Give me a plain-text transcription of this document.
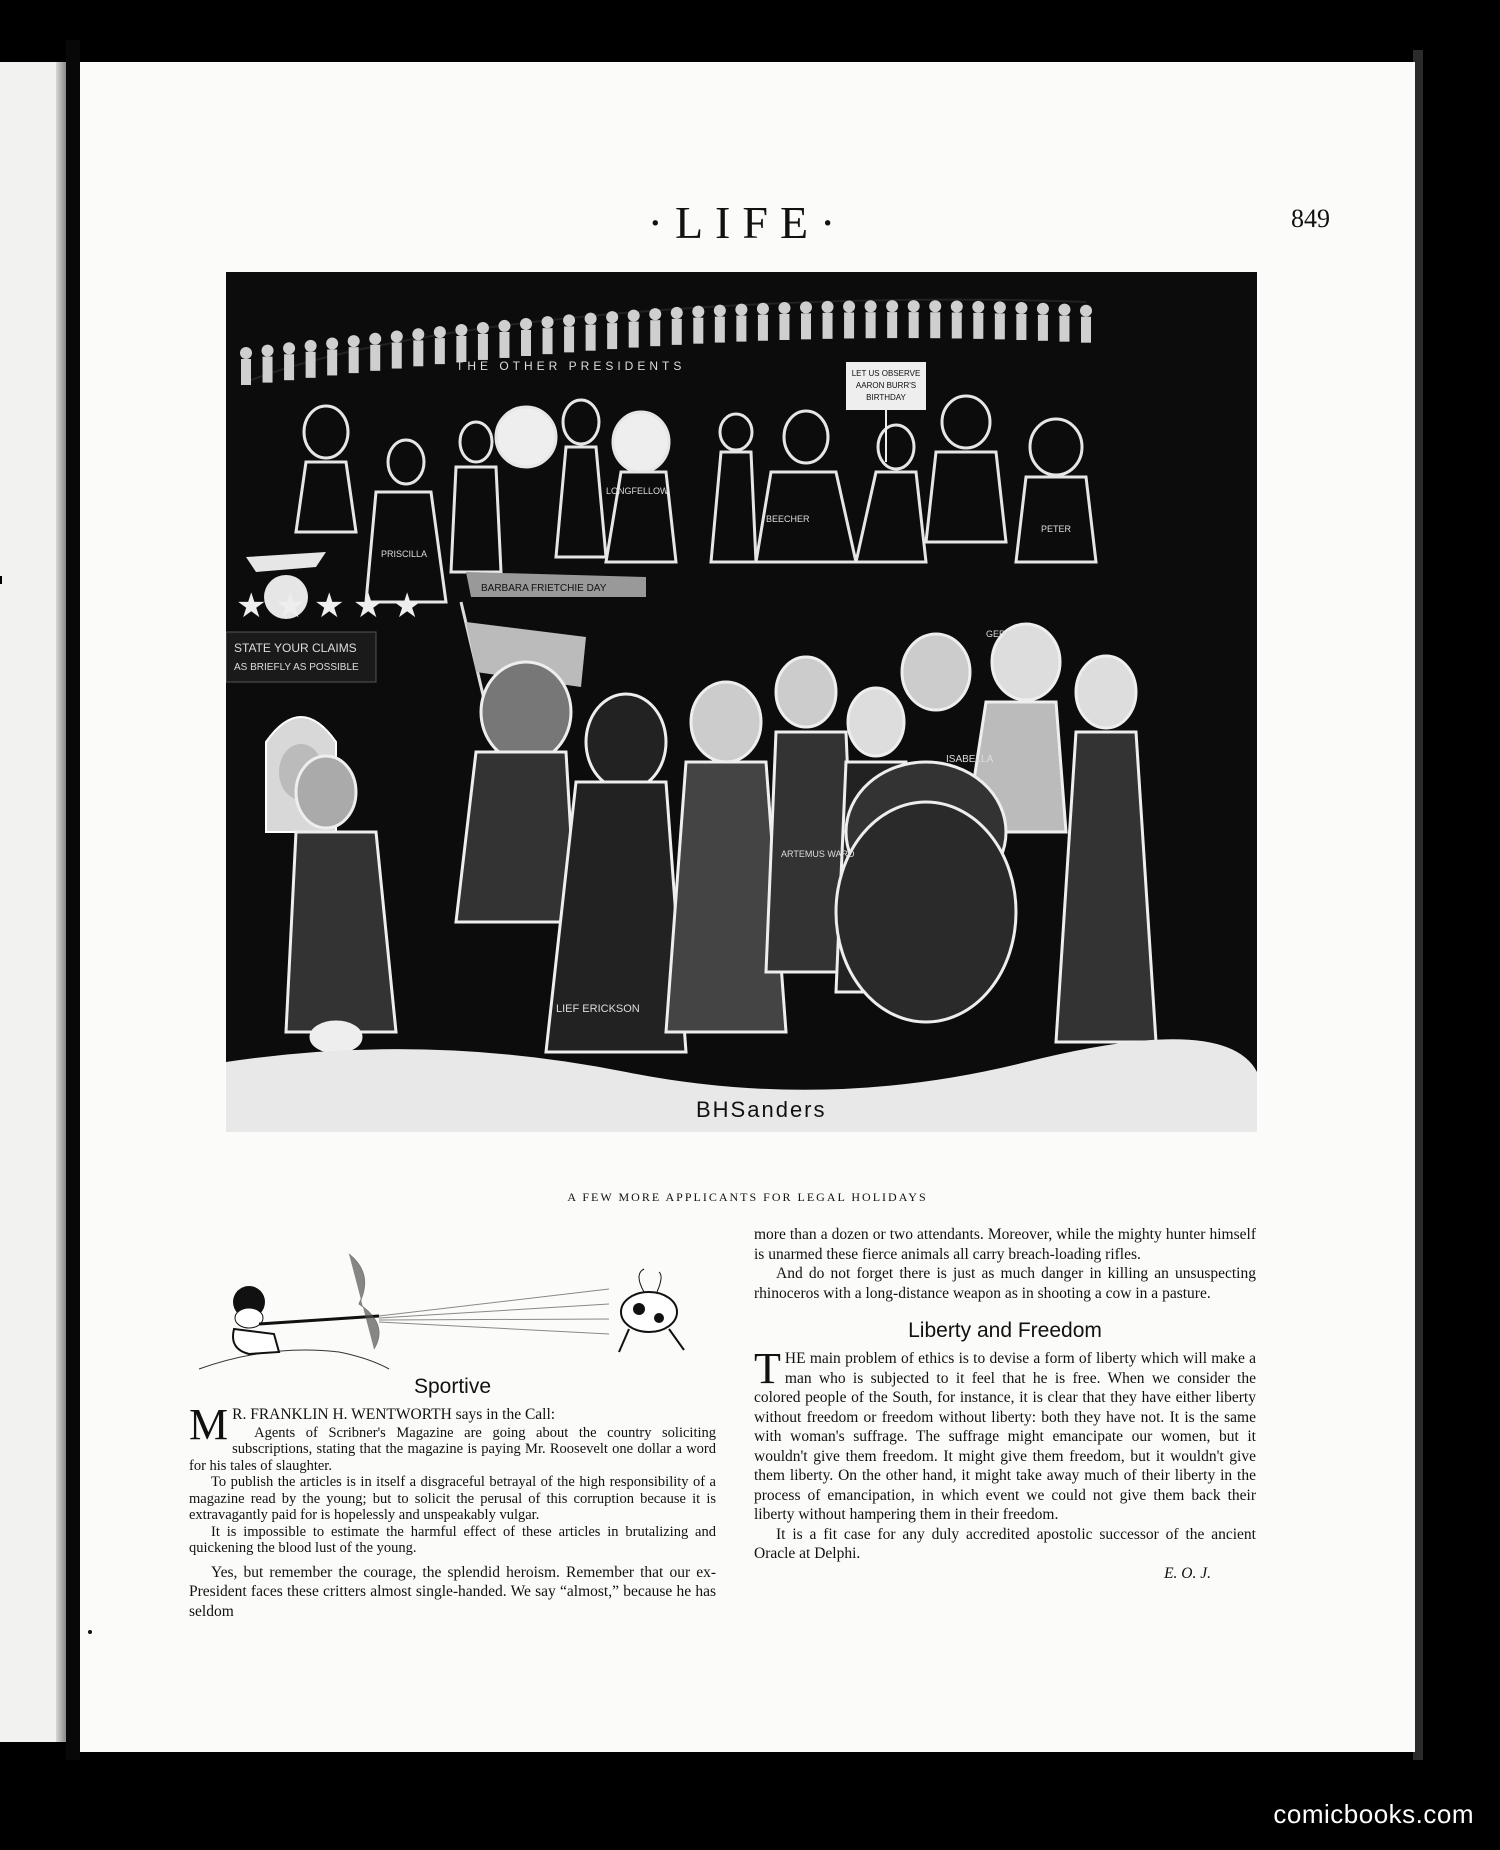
·LIFE·	849
THE OTHER PRESIDENTS
LET US OBSERVE
AARON BURR'S
BIRTHDAY
PRISCILLA
BEECHER
LONGFELLOW
PETER
★ ★ ★ ★ ★
STATE YOUR CLAIMS
AS BRIEFLY AS POSSIBLE
BARBARA FRIETCHIE DAY
LIEF ERICKSON
ARTEMUS WARD
ISABELLA
GERONIMO
BHSanders
A FEW MORE APPLICANTS FOR LEGAL HOLIDAYS
Sportive

M R. FRANKLIN H. WENTWORTH says in the Call:

Agents of Scribner's Magazine are going about the country soliciting subscriptions, stating that the magazine is paying Mr. Roosevelt one dollar a word for his tales of slaughter.

To publish the articles is in itself a disgraceful betrayal of the high responsibility of a magazine read by the young; but to solicit the perusal of this corruption because it is extravagantly paid for is hopelessly and unspeakably vulgar.

It is impossible to estimate the harmful effect of these articles in brutalizing and quickening the blood lust of the young.

Yes, but remember the courage, the splendid heroism. Remember that our ex-President faces these critters almost single-handed. We say “almost,” because he has seldom

more than a dozen or two attendants. Moreover, while the mighty hunter himself is unarmed these fierce animals all carry breach-loading rifles.

And do not forget there is just as much danger in killing an unsuspecting rhinoceros with a long-distance weapon as in shooting a cow in a pasture.

Liberty and Freedom

THE main problem of ethics is to devise a form of liberty which will make a man who is subjected to it feel that he is free. When we consider the colored people of the South, for instance, it is clear that they have either liberty without freedom or freedom without liberty: both they have not. It is the same with woman's suffrage. The suffrage might emancipate our women, but it wouldn't give them freedom. It might give them freedom, but it wouldn't give them liberty. On the other hand, it might take away much of their liberty in the process of emancipation, in which event we could not give them back their liberty without hampering them in their freedom.

It is a fit case for any duly accredited apostolic successor of the ancient Oracle at Delphi.

E. O. J.

comicbooks.com
